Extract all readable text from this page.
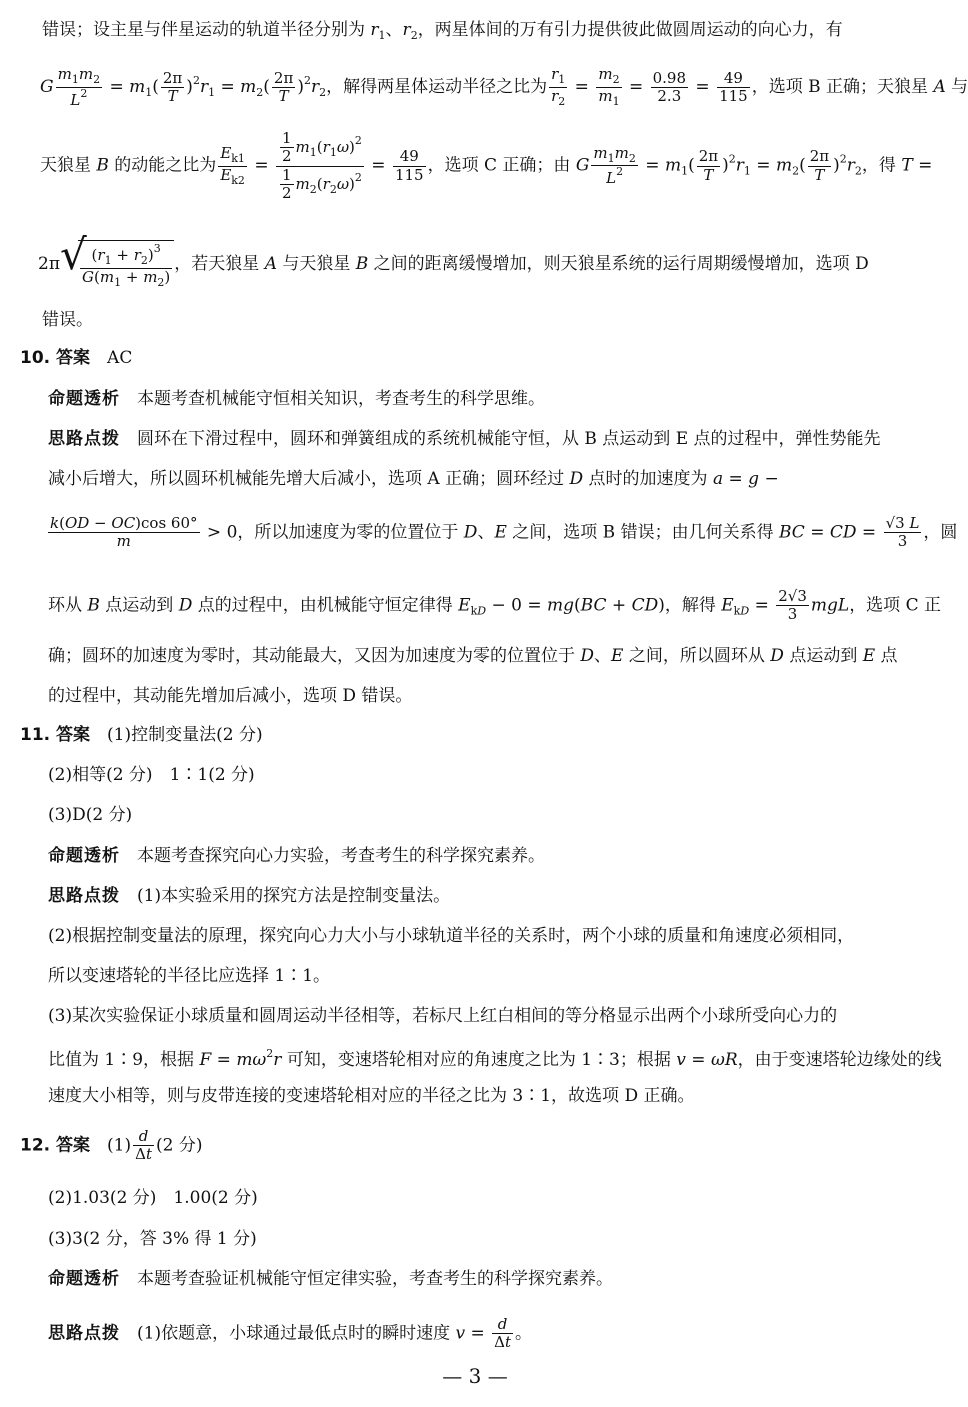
错误；设主星与伴星运动的轨道半径分别为 $r_1$、$r_2$，两星体间的万有引力提供彼此做圆周运动的向心力，有
G $\frac{m_1m_2}{L^2} = m_1( \frac{2\pi}{T} )^2r_1 = m_2( \frac{2\pi}{T} )^2r_2$，解得两星体运动半径之比为 $\frac{r_1}{r_2} = \frac{m_2}{m_1} = \frac{0.98}{2.3} = \frac{49}{115}$ ，选项 B 正确；天狼星 A 与
天狼星 B 的动能之比为 $\frac{E_{k1}}{E_{k2}} = \frac{\frac{1}{2} m_1(r_1\omega)^2}{\frac{1}{2} m_2(r_2\omega)^2} = \frac{49}{115}$ ，选项 C 正确；由 G $\frac{m_1m_2}{L^2} = m_1( \frac{2\pi}{T} )^2r_1 = m_2( \frac{2\pi}{T} )^2r_2$，得 T =
2π √
$\frac{(r_1 + r_2)^3}{G(m_1 + m_2)}$ ，若天狼星 A 与天狼星 B 之间的距离缓慢增加，则天狼星系统的运行周期缓慢增加，选项 D
错误。
10. 答案　 AC
命题透析　 本题考查机械能守恒相关知识，考查考生的科学思维。
思路点拨　 圆环在下滑过程中，圆环和弹簧组成的系统机械能守恒，从 B 点运动到 E 点的过程中，弹性势能先
减小后增大，所以圆环机械能先增大后减小，选项 A 正确；圆环经过 D 点时的加速度为 a = g −
$\frac{k(OD - OC)\cos 60^\circ}{m} > 0$，所以加速度为零的位置位于 D、E 之间，选项 B 错误；由几何关系得 BC = CD = $\frac{√3 L}{3}$ ，圆
环从 B 点运动到 D 点的过程中，由机械能守恒定律得 $E_{kD} - 0 = mg(BC + CD)$，解得 $E_{kD} = \frac{2√3}{3}$ mgL，选项 C 正
确；圆环的加速度为零时，其动能最大，又因为加速度为零的位置位于 D、E 之间，所以圆环从 D 点运动到 E 点
的过程中，其动能先增加后减小，选项 D 错误。
11. 答案　 (1)控制变量法(2 分)
(2)相等(2 分)　1∶1(2 分)
(3)D(2 分)
命题透析　 本题考查探究向心力实验，考查考生的科学探究素养。
思路点拨　 (1)本实验采用的探究方法是控制变量法。
(2)根据控制变量法的原理，探究向心力大小与小球轨道半径的关系时，两个小球的质量和角速度必须相同，
所以变速塔轮的半径比应选择 1∶1。
(3)某次实验保证小球质量和圆周运动半径相等，若标尺上红白相间的等分格显示出两个小球所受向心力的
比值为 1∶9，根据 $F = m\omega^2r$ 可知，变速塔轮相对应的角速度之比为 1∶3；根据 v = ωR，由于变速塔轮边缘处的线
速度大小相等，则与皮带连接的变速塔轮相对应的半径之比为 3∶1，故选项 D 正确。
12. 答案　$(1) \frac{d}{\Delta t} (2$ 分)
(2)1.03(2 分)　1.00(2 分)
(3)3(2 分，答 3% 得 1 分)
命题透析　 本题考查验证机械能守恒定律实验，考查考生的科学探究素养。
思路点拨　(1)依题意，小球通过最低点时的瞬时速度 $v = \frac{d}{\Delta t}$ 。
— 3 —
